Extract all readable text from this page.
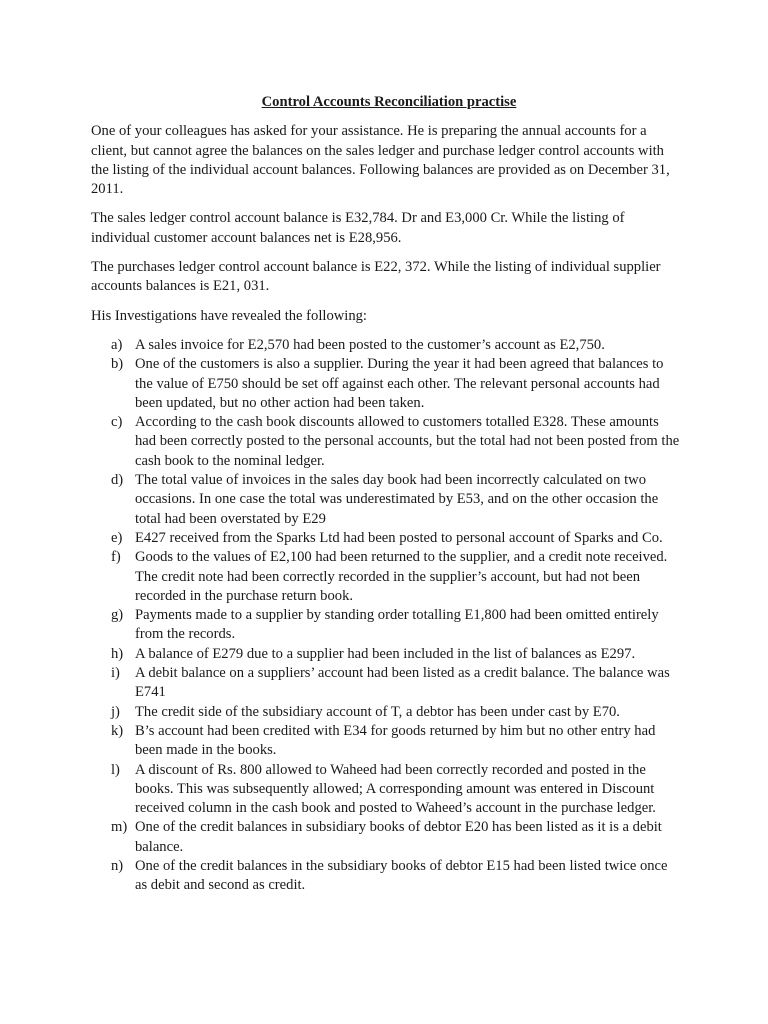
Control Accounts Reconciliation practise

One of your colleagues has asked for your assistance. He is preparing the annual accounts for a client, but cannot agree the balances on the sales ledger and purchase ledger control accounts with the listing of the individual account balances. Following balances are provided as on December 31, 2011.

The sales ledger control account balance is E32,784. Dr and E3,000 Cr. While the listing of individual customer account balances net is E28,956.

The purchases ledger control account balance is E22, 372. While the listing of individual supplier accounts balances is E21, 031.

His Investigations have revealed the following:

a) A sales invoice for E2,570 had been posted to the customer’s account as E2,750.
b) One of the customers is also a supplier. During the year it had been agreed that balances to the value of E750 should be set off against each other. The relevant personal accounts had been updated, but no other action had been taken.
c) According to the cash book discounts allowed to customers totalled E328. These amounts had been correctly posted to the personal accounts, but the total had not been posted from the cash book to the nominal ledger.
d) The total value of invoices in the sales day book had been incorrectly calculated on two occasions. In one case the total was underestimated by E53, and on the other occasion the total had been overstated by E29
e) E427 received from the Sparks Ltd had been posted to personal account of Sparks and Co.
f) Goods to the values of E2,100 had been returned to the supplier, and a credit note received. The credit note had been correctly recorded in the supplier’s account, but had not been recorded in the purchase return book.
g) Payments made to a supplier by standing order totalling E1,800 had been omitted entirely from the records.
h) A balance of E279 due to a supplier had been included in the list of balances as E297.
i)	A debit balance on a suppliers’ account had been listed as a credit balance. The balance was E741
j)	The credit side of the subsidiary account of T, a debtor has been under cast by E70.
k) B’s account had been credited with E34 for goods returned by him but no other entry had been made in the books.
l)	A discount of Rs. 800 allowed to Waheed had been correctly recorded and posted in the books. This was subsequently allowed; A corresponding amount was entered in Discount received column in the cash book and posted to Waheed’s account in the purchase ledger.
m) One of the credit balances in subsidiary books of debtor E20 has been listed as it is a debit balance.
n) One of the credit balances in the subsidiary books of debtor E15 had been listed twice once as debit and second as credit.
